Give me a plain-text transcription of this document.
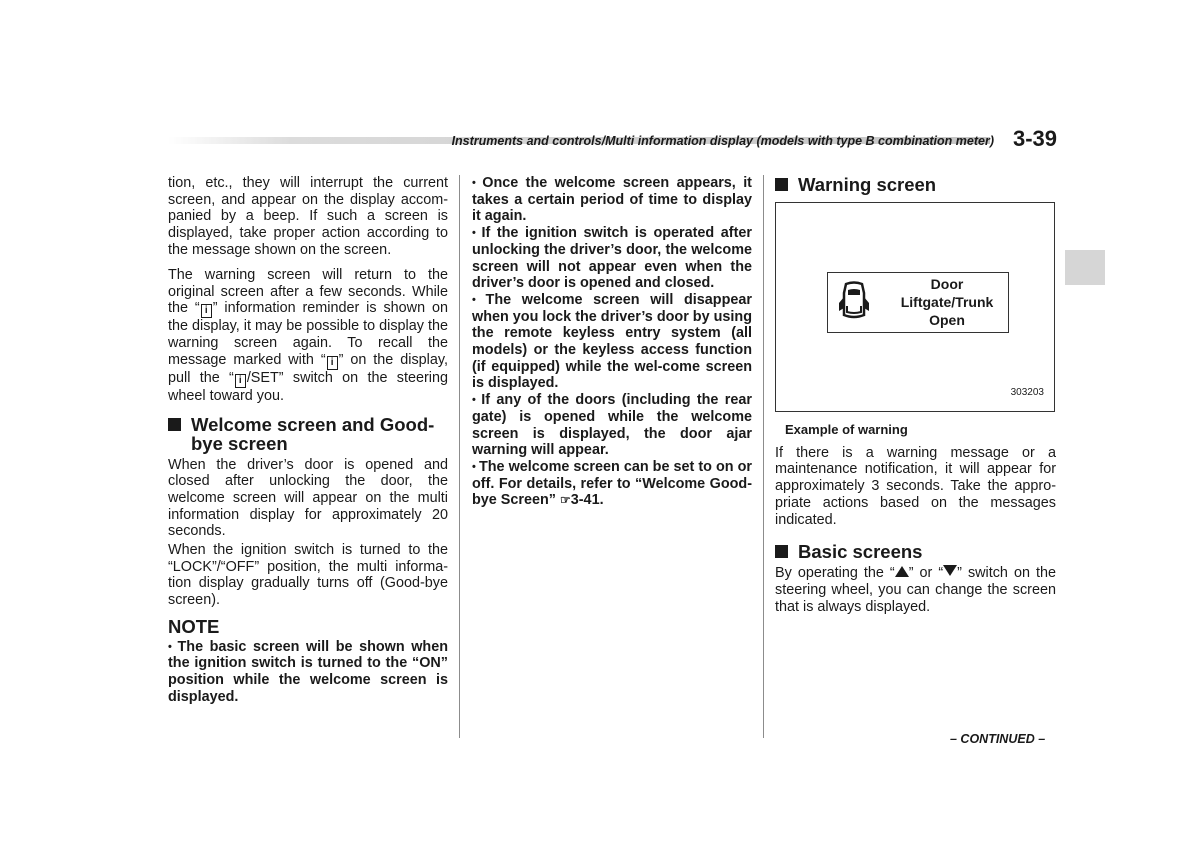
Instruments and controls/Multi information display (models with type B combination meter) 3-39

tion, etc., they will interrupt the current screen, and appear on the display accom-panied by a beep. If such a screen is displayed, take proper action according to the message shown on the screen.

The warning screen will return to the original screen after a few seconds. While the “ i ” information reminder is shown on the display, it may be possible to display the warning screen again. To recall the message marked with “ i ” on the display, pull the “ i /SET” switch on the steering wheel toward you.

Welcome screen and Good-bye screen

When the driver’s door is opened and closed after unlocking the door, the welcome screen will appear on the multi information display for approximately 20 seconds.

When the ignition switch is turned to the “LOCK”/“OFF” position, the multi informa-tion display gradually turns off (Good-bye screen).

NOTE

• The basic screen will be shown when the ignition switch is turned to the “ON” position while the welcome screen is displayed.

• Once the welcome screen appears, it takes a certain period of time to display it again.

• If the ignition switch is operated after unlocking the driver’s door, the welcome screen will not appear even when the driver’s door is opened and closed.

• The welcome screen will disappear when you lock the driver’s door by using the remote keyless entry system (all models) or the keyless access function (if equipped) while the wel-come screen is displayed.

• If any of the doors (including the rear gate) is opened while the welcome screen is displayed, the door ajar warning will appear.

• The welcome screen can be set to on or off. For details, refer to “Welcome Good-bye Screen” ☞3-41.

Warning screen
Door
Liftgate/Trunk
Open
303203
Example of warning

If there is a warning message or a maintenance notification, it will appear for approximately 3 seconds. Take the appro-priate actions based on the messages indicated.

Basic screens

By operating the “ ” or “ ” switch on the steering wheel, you can change the screen that is always displayed.

– CONTINUED –
